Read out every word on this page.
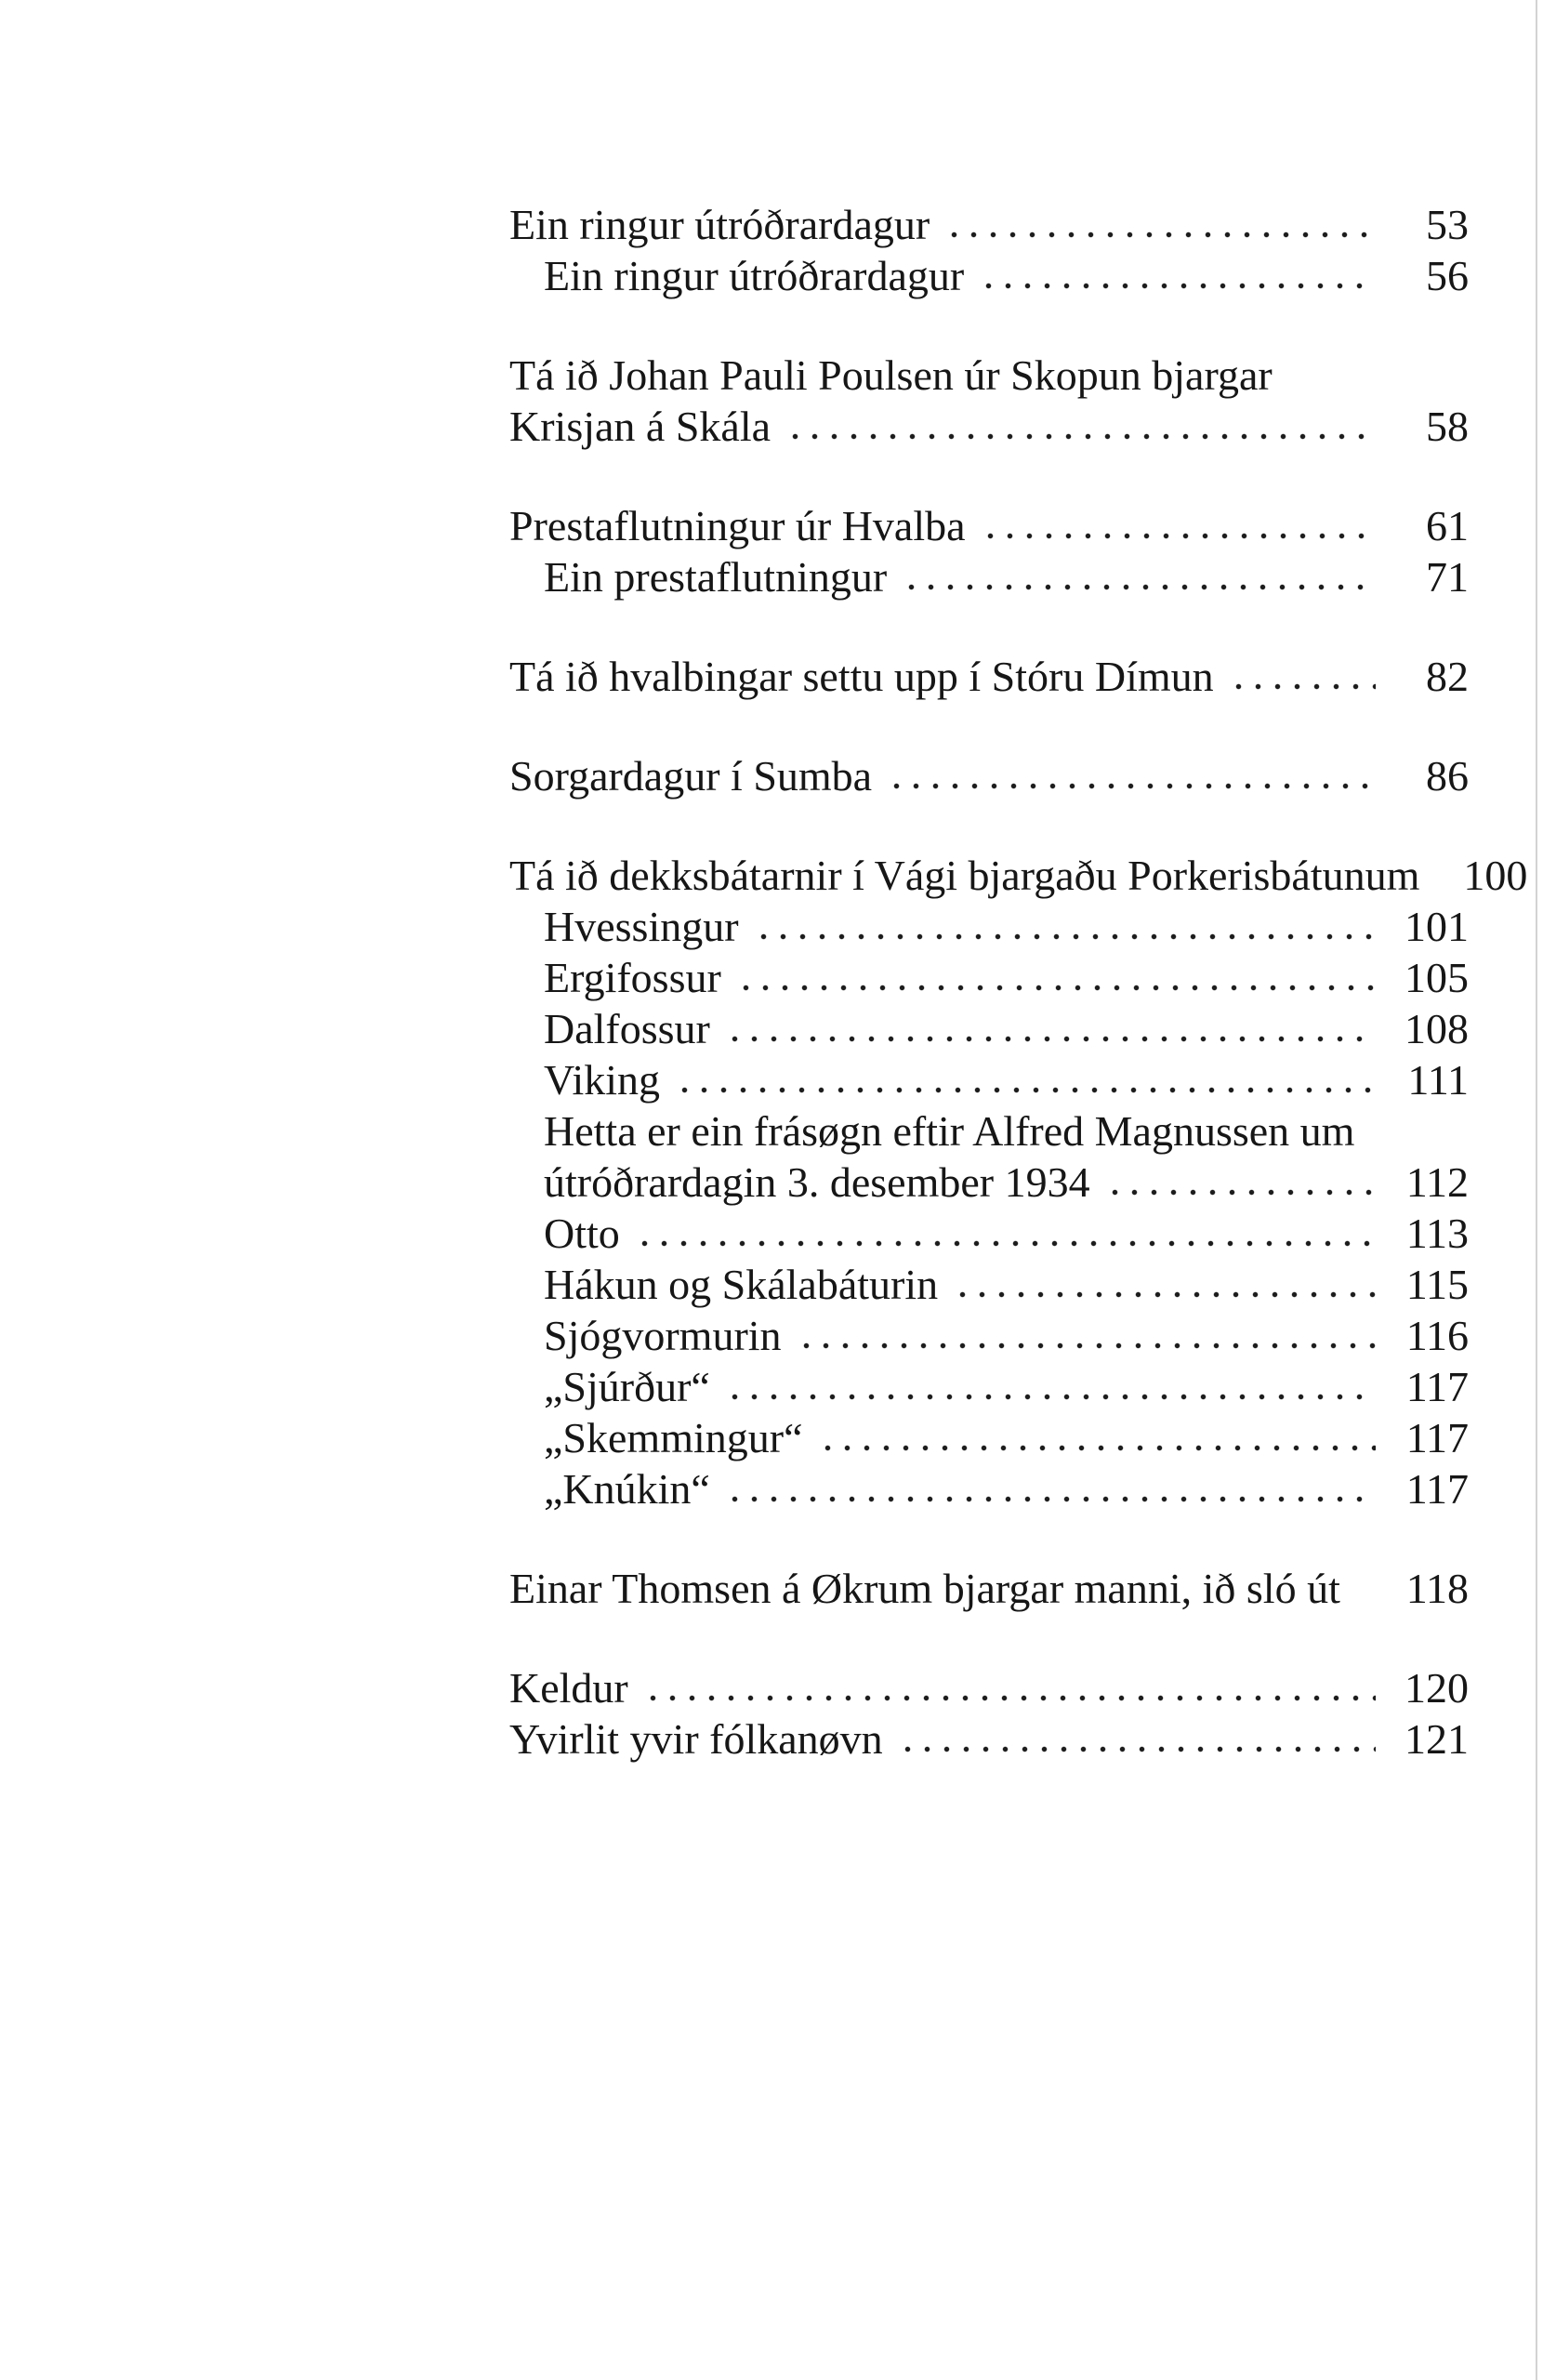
Ein ringur útróðrardagur	53
Ein ringur útróðrardagur	56
Tá ið Johan Pauli Poulsen úr Skopun bjargar
Krisjan á Skála	58
Prestaflutningur úr Hvalba	61
Ein prestaflutningur	71
Tá ið hvalbingar settu upp í Stóru Dímun	82
Sorgardagur í Sumba	86
Tá ið dekksbátarnir í Vági bjargaðu Porkerisbátunum 100
Hvessingur	101
Ergifossur	105
Dalfossur	108
Viking	111
Hetta er ein frásøgn eftir Alfred Magnussen um
útróðrardagin 3. desember 1934	112
Otto	113
Hákun og Skálabáturin	115
Sjógvormurin	116
„Sjúrður“	117
„Skemmingur“	117
„Knúkin“	117
Einar Thomsen á Økrum bjargar manni, ið sló út 118
Keldur	120
Yvirlit yvir fólkanøvn	121
